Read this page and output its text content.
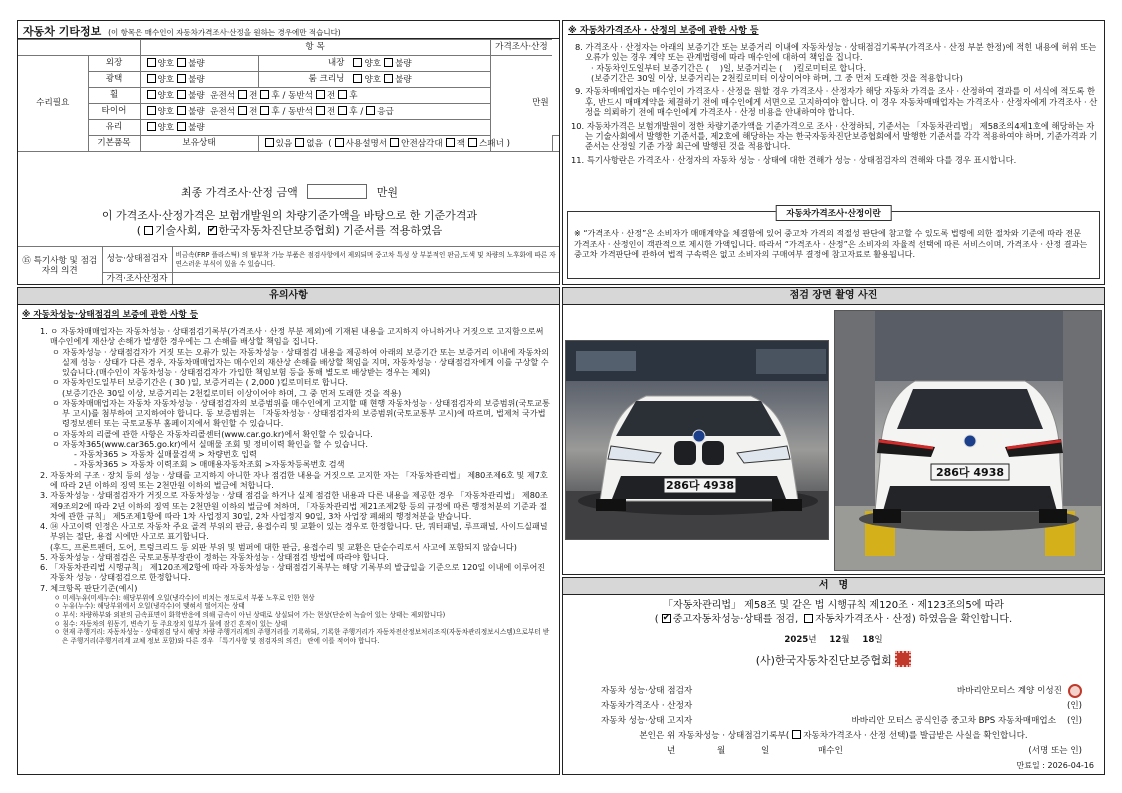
자동차 기타정보 (이 항목은 매수인이 자동차가격조사·산정을 원하는 경우에만 적습니다)
		항 목			가격조사·산정	
수리필요	외장	양호 불량	내장	양호 불량	만원	
	광택	양호 불량	룸 크리닝	양호 불량		
	휠	양호 불량 운전석 전 후 / 동반석 전 후				
	타이어	양호 불량 운전석 전 후 / 동반석 전 후 / 응급				
	유리	양호 불량				
	기본품목	보유상태	있음 없음 ( 사용설명서 안전삼각대 잭 스패너 )			
최종 가격조사·산정 금액	만원
이 가격조사·산정가격은 보험개발원의 차량기준가액을 바탕으로 한 기준가격과
( 기술사회, ✔ 한국자동차진단보증협회) 기준서를 적용하였음
⑮ 특기사항 및 점검자의 의견	성능·상태점검자	비금속(FRP 플라스틱) 의 탈부착 가능 부품은 점검사항에서 제외되며 중고차 특성 상 부분적인 판금,도색 및 차량의 노후화에 따른 자연스러운 부식이 있을 수 있습니다.
	가격·조사산정자	
※ 자동차가격조사 · 산정의 보증에 관한 사항 등
8. 가격조사 · 산정자는 아래의 보증기간 또는 보증거리 이내에 자동차성능 · 상태점검기록부(가격조사 · 산정 부분 한정)에 적힌 내용에 허위 또는 오류가 있는 경우 계약 또는 관계법령에 따라 매수인에 대하여 책임을 집니다.
· 자동차인도일부터 보증기간은 (　 )일, 보증거리는 (　 )킬로미터로 합니다.
(보증기간은 30일 이상, 보증거리는 2천킬로미터 이상이어야 하며, 그 중 먼저 도래한 것을 적용합니다)
9. 자동차매매업자는 매수인이 가격조사 · 산정을 원할 경우 가격조사 · 산정자가 해당 자동차 가격을 조사 · 산정하여 결과를 이 서식에 적도록 한 후, 반드시 매매계약을 체결하기 전에 매수인에게 서면으로 고지하여야 합니다. 이 경우 자동차매매업자는 가격조사 · 산정자에게 가격조사 · 산정을 의뢰하기 전에 매수인에게 가격조사 · 산정 비용을 안내하여야 합니다.
10. 자동차가격은 보험개발원이 정한 차량기준가액을 기준가격으로 조사 · 산정하되, 기준서는 「자동차관리법」 제58조의4제1호에 해당하는 자는 기술사회에서 발행한 기준서를, 제2호에 해당하는 자는 한국자동차진단보증협회에서 발행한 기준서를 각각 적용하여야 하며, 기준가격과 기준서는 산정일 기준 가장 최근에 발행된 것을 적용합니다.
11. 특기사항란은 가격조사 · 산정자의 자동차 성능 · 상태에 대한 견해가 성능 · 상태점검자의 견해와 다를 경우 표시합니다.
자동차가격조사·산정이란
※ “가격조사 · 산정”은 소비자가 매매계약을 체결함에 있어 중고차 가격의 적절성 판단에 참고할 수 있도록 법령에 의한 절차와 기준에 따라 전문 가격조사 · 산정인이 객관적으로 제시한 가액입니다. 따라서 “가격조사 · 산정”은 소비자의 자율적 선택에 따른 서비스이며, 가격조사 · 산정 결과는 중고차 가격판단에 관하여 법적 구속력은 없고 소비자의 구매여부 결정에 참고자료로 활용됩니다.
유의사항
※ 자동차성능·상태점검의 보증에 관한 사항 등
1. ㅇ 자동차매매업자는 자동차성능 · 상태점검기록부(가격조사 · 산정 부분 제외)에 기재된 내용을 고지하지 아니하거나 거짓으로 고지함으로써 매수인에게 재산상 손해가 발생한 경우에는 그 손해를 배상할 책임을 집니다.
ㅇ 자동차성능 · 상태점검자가 거짓 또는 오류가 있는 자동차성능 · 상태점검 내용을 제공하여 아래의 보증기간 또는 보증거리 이내에 자동차의 실제 성능 · 상태가 다른 경우, 자동차매매업자는 매수인의 재산상 손해를 배상할 책임을 지며, 자동차성능 · 상태점검자에게 이를 구상할 수 있습니다.(매수인이 자동차성능 · 상태점검자가 가입한 책임보험 등을 통해 별도로 배상받는 경우는 제외)
ㅇ 자동차인도일부터 보증기간은 ( 30 )일, 보증거리는 ( 2,000 )킬로미터로 합니다.
(보증기간은 30일 이상, 보증거리는 2천킬로미터 이상이어야 하며, 그 중 먼저 도래한 것을 적용)
ㅇ 자동차매매업자는 자동차 자동차성능 · 상태점검자의 보증범위를 매수인에게 고지할 때 현행 자동차성능 · 상태점검자의 보증범위(국토교통부 고시)를 첨부하여 고지하여야 합니다. 동 보증범위는 「자동차성능 · 상태점검자의 보증범위(국토교통부 고시)에 따르며, 법제처 국가법령정보센터 또는 국토교통부 홈페이지에서 확인할 수 있습니다.
ㅇ 자동차의 리콜에 관한 사항은 자동차리콜센터(www.car.go.kr)에서 확인할 수 있습니다.
ㅇ 자동차365(www.car365.go.kr)에서 실매물 조회 및 정비이력 확인을 할 수 있습니다.
- 자동차365 > 자동차 실매물검색 > 차량번호 입력
- 자동차365 > 자동차 이력조회 > 매매용자동차조회 >자동차등록번호 검색
2. 자동차의 구조 · 장치 등의 성능 · 상태를 고지하지 아니한 자나 점검한 내용을 거짓으로 고지한 자는 「자동차관리법」 제80조제6호 및 제7호에 따라 2년 이하의 징역 또는 2천만원 이하의 벌금에 처합니다.
3. 자동차성능 · 상태점검자가 거짓으로 자동차성능 · 상태 점검을 하거나 실제 점검한 내용과 다른 내용을 제공한 경우 「자동차관리법」 제80조제9조의2에 따라 2년 이하의 징역 또는 2천만원 이하의 벌금에 처하며, 「자동차관리법 제21조제2항 등의 규정에 따른 행정처분의 기준과 절차에 관한 규칙」 제5조제1항에 따라 1차 사업정지 30일, 2차 사업정지 90일, 3차 사업장 폐쇄의 행정처분을 받습니다.
4. ⑭ 사고이력 인정은 사고로 자동차 주요 골격 부위의 판금, 용접수리 및 교환이 있는 경우로 한정합니다. 단, 쿼터패널, 루프패널, 사이드실패널 부위는 절단, 용접 시에만 사고로 표기합니다.
(후드, 프론트펜더, 도어, 트렁크리드 등 외판 부위 및 범퍼에 대한 판금, 용접수리 및 교환은 단순수리로서 사고에 포함되지 않습니다)
5. 자동차성능 · 상태점검은 국토교통부장관이 정하는 자동차성능 · 상태점검 방법에 따라야 합니다.
6. 「자동차관리법 시행규칙」 제120조제2항에 따라 자동차성능 · 상태점검기록부는 해당 기록부의 발급일을 기준으로 120일 이내에 이루어진 자동차 성능 · 상태점검으로 한정합니다.
7. 체크항목 판단기준(예시)
ㅇ 미세누유(미세누수): 해당부위에 오일(냉각수)이 비치는 정도로서 부품 노후로 인한 현상
ㅇ 누유(누수): 해당부위에서 오일(냉각수)이 맺혀서 떨어지는 상태
ㅇ 부식: 차량하부와 외판의 금속표면이 화학반응에 의해 금속이 아닌 상태로 상실되어 가는 현상(단순히 녹슬어 있는 상태는 제외합니다)
ㅇ 침수: 자동차의 원동기, 변속기 등 주요장치 일부가 물에 잠긴 흔적이 있는 상태
ㅇ 현재 주행거리: 자동차성능 · 상태점검 당시 해당 차량 주행거리계의 주행거리를 기록하되, 기록한 주행거리가 자동차전산정보처리조직(자동차관리정보시스템)으로부터 받은 주행거리(주행거리계 교체 정보 포함)와 다른 경우 「특기사항 및 점검자의 의견」 란에 이를 적어야 합니다.
점검 장면 촬영 사진
286다 4938
286다 4938
서　명
「자동차관리법」 제58조 및 같은 법 시행규칙 제120조 · 제123조의5에 따라
( ✔ 중고자동차성능·상태를 점검, 자동차가격조사 · 산정) 하였음을 확인합니다.
2025년 12월 18일
(사)한국자동차진단보증협회
자동차 성능·상태 점검자	바바리안모터스 계양 이성진
자동차가격조사 · 산정자	(인)
자동차 성능·상태 고지자	바바리안 모터스 공식인증 중고차 BPS 자동차매매업소 (인)
본인은 위 자동차성능 · 상태점검기록부( 자동차가격조사 · 산정 선택)를 발급받은 사실을 확인합니다.
년	월	일	매수인	(서명 또는 인)
만료일 : 2026-04-16
